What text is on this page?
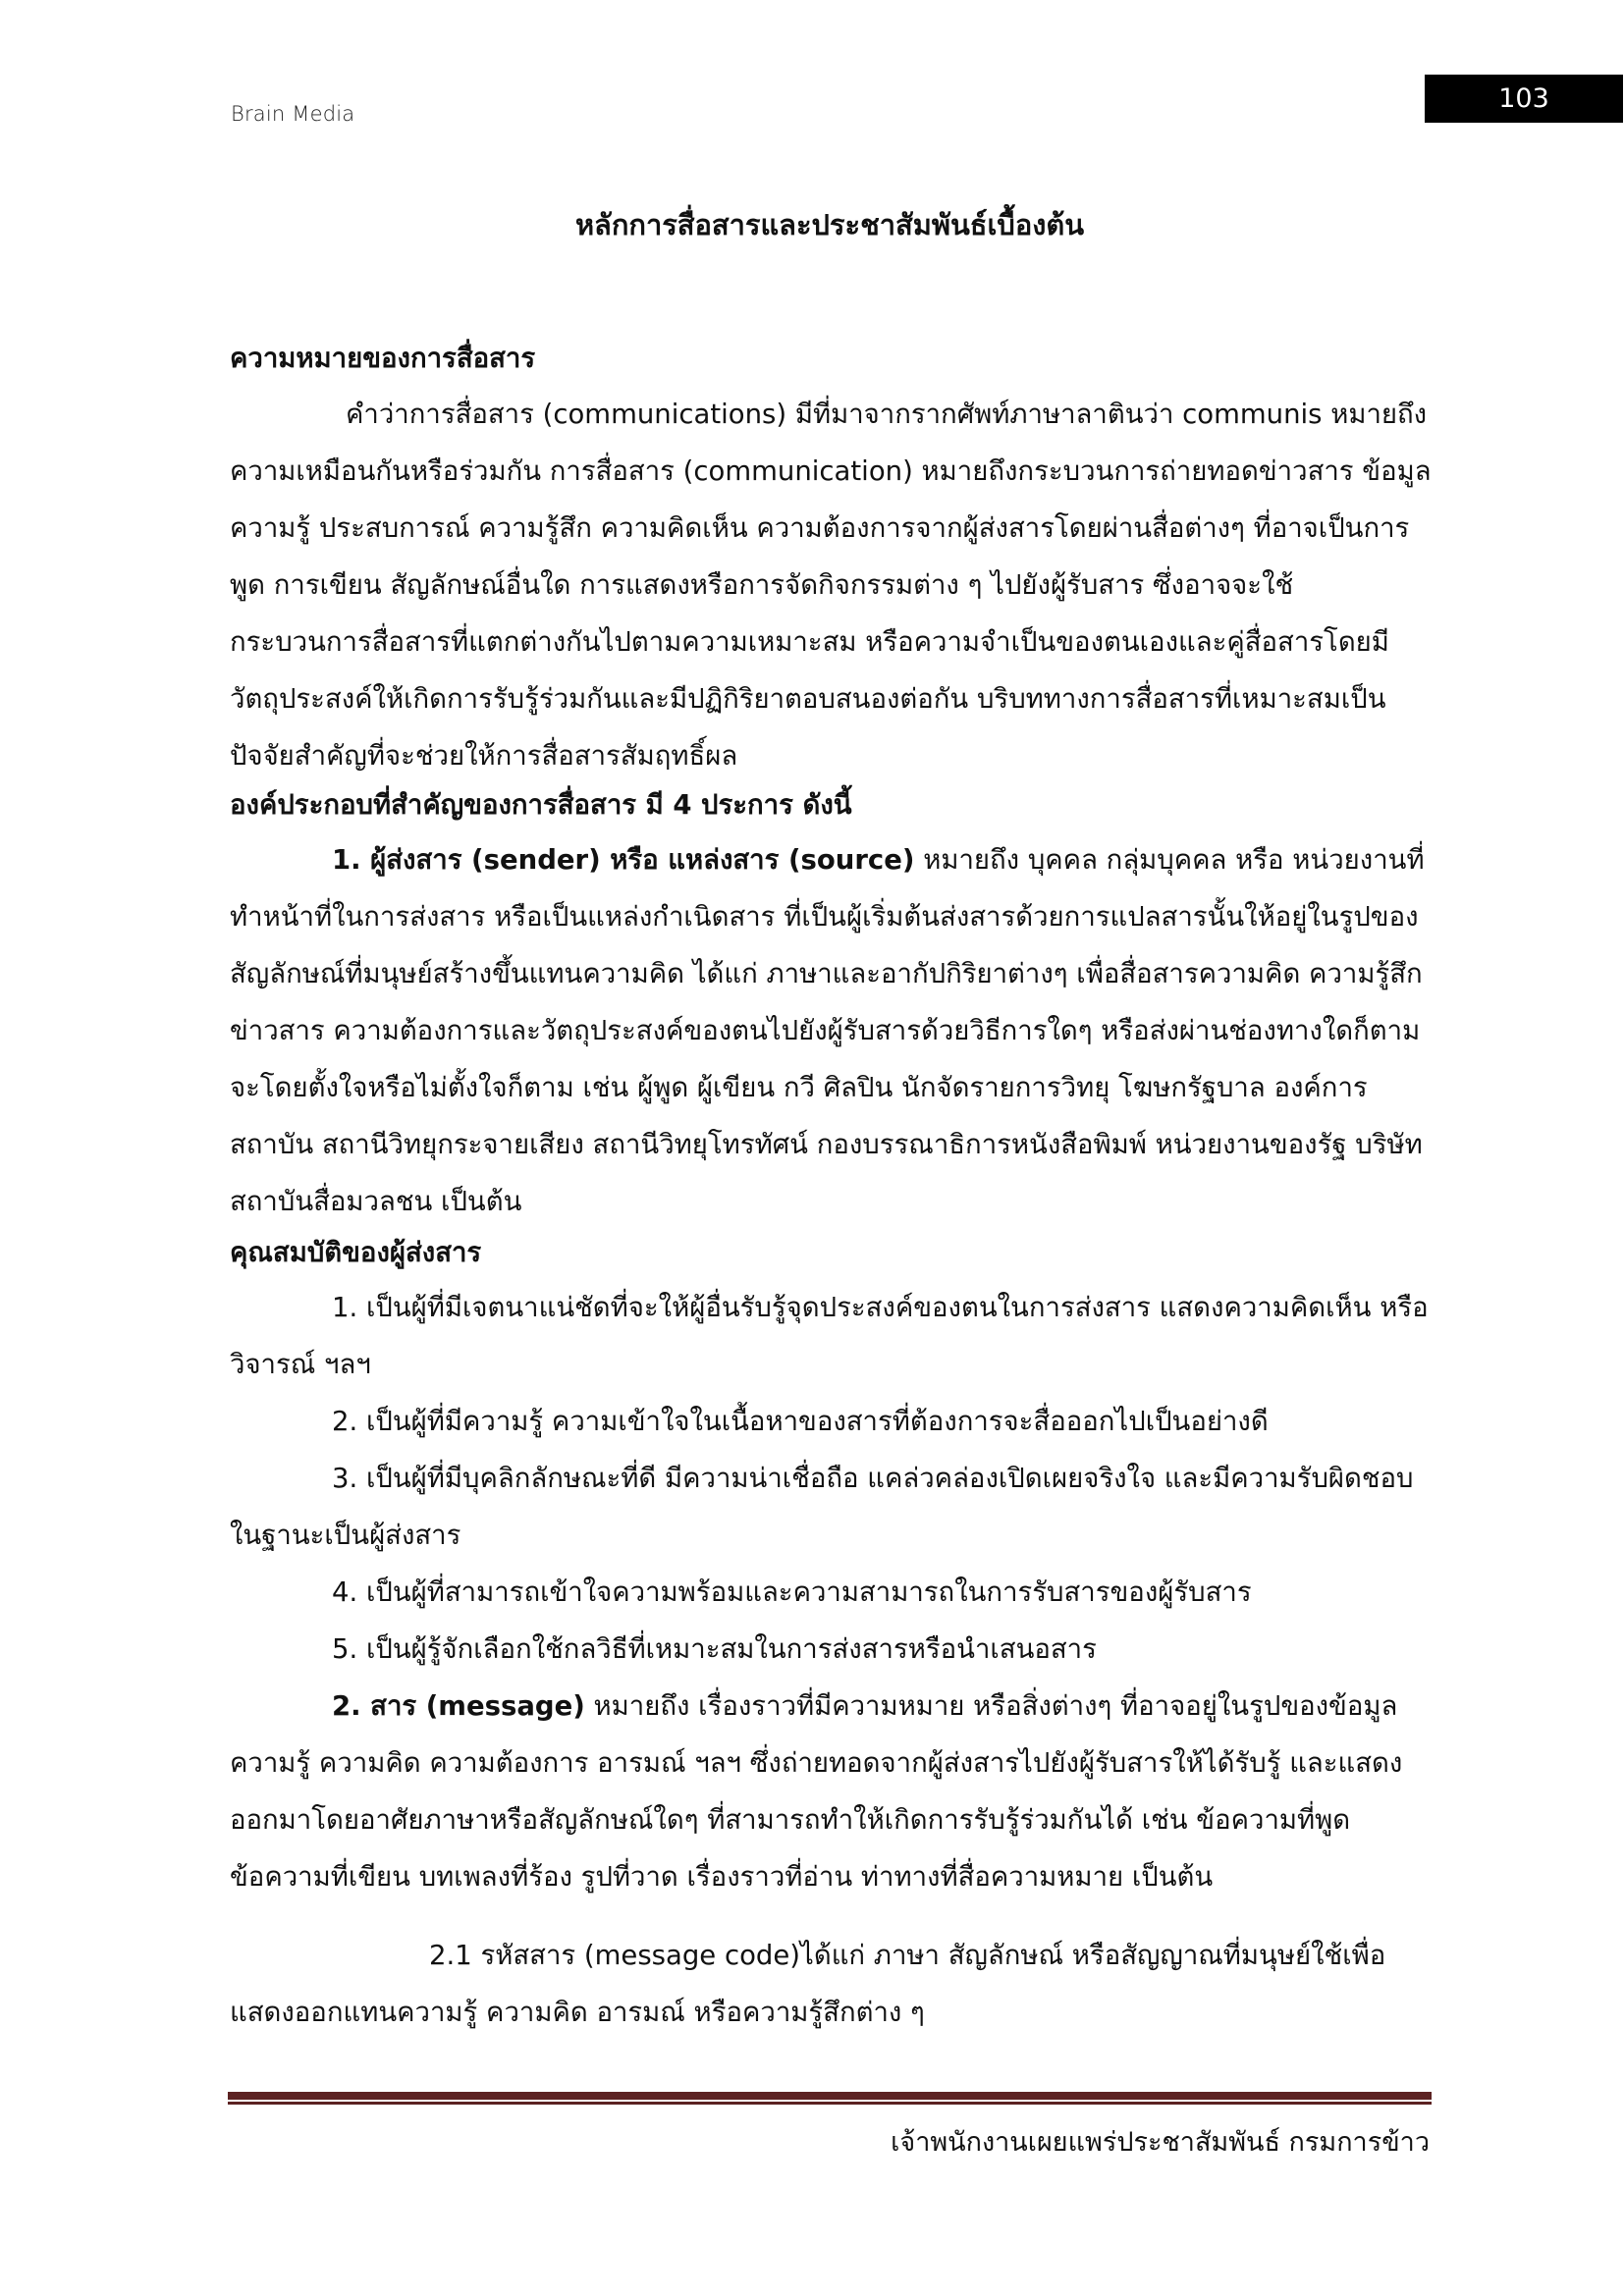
Brain Media	103
หลักการสื่อสารและประชาสัมพันธ์เบื้องต้น
ความหมายของการสื่อสาร
คำว่าการสื่อสาร (communications) มีที่มาจากรากศัพท์ภาษาลาตินว่า communis หมายถึง
ความเหมือนกันหรือร่วมกัน การสื่อสาร (communication) หมายถึงกระบวนการถ่ายทอดข่าวสาร ข้อมูล
ความรู้ ประสบการณ์ ความรู้สึก ความคิดเห็น ความต้องการจากผู้ส่งสารโดยผ่านสื่อต่างๆ ที่อาจเป็นการ
พูด การเขียน สัญลักษณ์อื่นใด การแสดงหรือการจัดกิจกรรมต่าง ๆ ไปยังผู้รับสาร ซึ่งอาจจะใช้
กระบวนการสื่อสารที่แตกต่างกันไปตามความเหมาะสม หรือความจำเป็นของตนเองและคู่สื่อสารโดยมี
วัตถุประสงค์ให้เกิดการรับรู้ร่วมกันและมีปฏิกิริยาตอบสนองต่อกัน บริบททางการสื่อสารที่เหมาะสมเป็น
ปัจจัยสำคัญที่จะช่วยให้การสื่อสารสัมฤทธิ์ผล
องค์ประกอบที่สำคัญของการสื่อสาร มี 4 ประการ ดังนี้
1. ผู้ส่งสาร (sender) หรือ แหล่งสาร (source) หมายถึง บุคคล กลุ่มบุคคล หรือ หน่วยงานที่
ทำหน้าที่ในการส่งสาร หรือเป็นแหล่งกำเนิดสาร ที่เป็นผู้เริ่มต้นส่งสารด้วยการแปลสารนั้นให้อยู่ในรูปของ
สัญลักษณ์ที่มนุษย์สร้างขึ้นแทนความคิด ได้แก่ ภาษาและอากัปกิริยาต่างๆ เพื่อสื่อสารความคิด ความรู้สึก
ข่าวสาร ความต้องการและวัตถุประสงค์ของตนไปยังผู้รับสารด้วยวิธีการใดๆ หรือส่งผ่านช่องทางใดก็ตาม
จะโดยตั้งใจหรือไม่ตั้งใจก็ตาม เช่น ผู้พูด ผู้เขียน กวี ศิลปิน นักจัดรายการวิทยุ โฆษกรัฐบาล องค์การ
สถาบัน สถานีวิทยุกระจายเสียง สถานีวิทยุโทรทัศน์ กองบรรณาธิการหนังสือพิมพ์ หน่วยงานของรัฐ บริษัท
สถาบันสื่อมวลชน เป็นต้น
คุณสมบัติของผู้ส่งสาร
1. เป็นผู้ที่มีเจตนาแน่ชัดที่จะให้ผู้อื่นรับรู้จุดประสงค์ของตนในการส่งสาร แสดงความคิดเห็น หรือ
วิจารณ์ ฯลฯ
2. เป็นผู้ที่มีความรู้ ความเข้าใจในเนื้อหาของสารที่ต้องการจะสื่อออกไปเป็นอย่างดี
3. เป็นผู้ที่มีบุคลิกลักษณะที่ดี มีความน่าเชื่อถือ แคล่วคล่องเปิดเผยจริงใจ และมีความรับผิดชอบ
ในฐานะเป็นผู้ส่งสาร
4. เป็นผู้ที่สามารถเข้าใจความพร้อมและความสามารถในการรับสารของผู้รับสาร
5. เป็นผู้รู้จักเลือกใช้กลวิธีที่เหมาะสมในการส่งสารหรือนำเสนอสาร
2. สาร (message) หมายถึง เรื่องราวที่มีความหมาย หรือสิ่งต่างๆ ที่อาจอยู่ในรูปของข้อมูล
ความรู้ ความคิด ความต้องการ อารมณ์ ฯลฯ ซึ่งถ่ายทอดจากผู้ส่งสารไปยังผู้รับสารให้ได้รับรู้ และแสดง
ออกมาโดยอาศัยภาษาหรือสัญลักษณ์ใดๆ ที่สามารถทำให้เกิดการรับรู้ร่วมกันได้ เช่น ข้อความที่พูด
ข้อความที่เขียน บทเพลงที่ร้อง รูปที่วาด เรื่องราวที่อ่าน ท่าทางที่สื่อความหมาย เป็นต้น
2.1 รหัสสาร (message code)ได้แก่ ภาษา สัญลักษณ์ หรือสัญญาณที่มนุษย์ใช้เพื่อ
แสดงออกแทนความรู้ ความคิด อารมณ์ หรือความรู้สึกต่าง ๆ
เจ้าพนักงานเผยแพร่ประชาสัมพันธ์ กรมการข้าว
